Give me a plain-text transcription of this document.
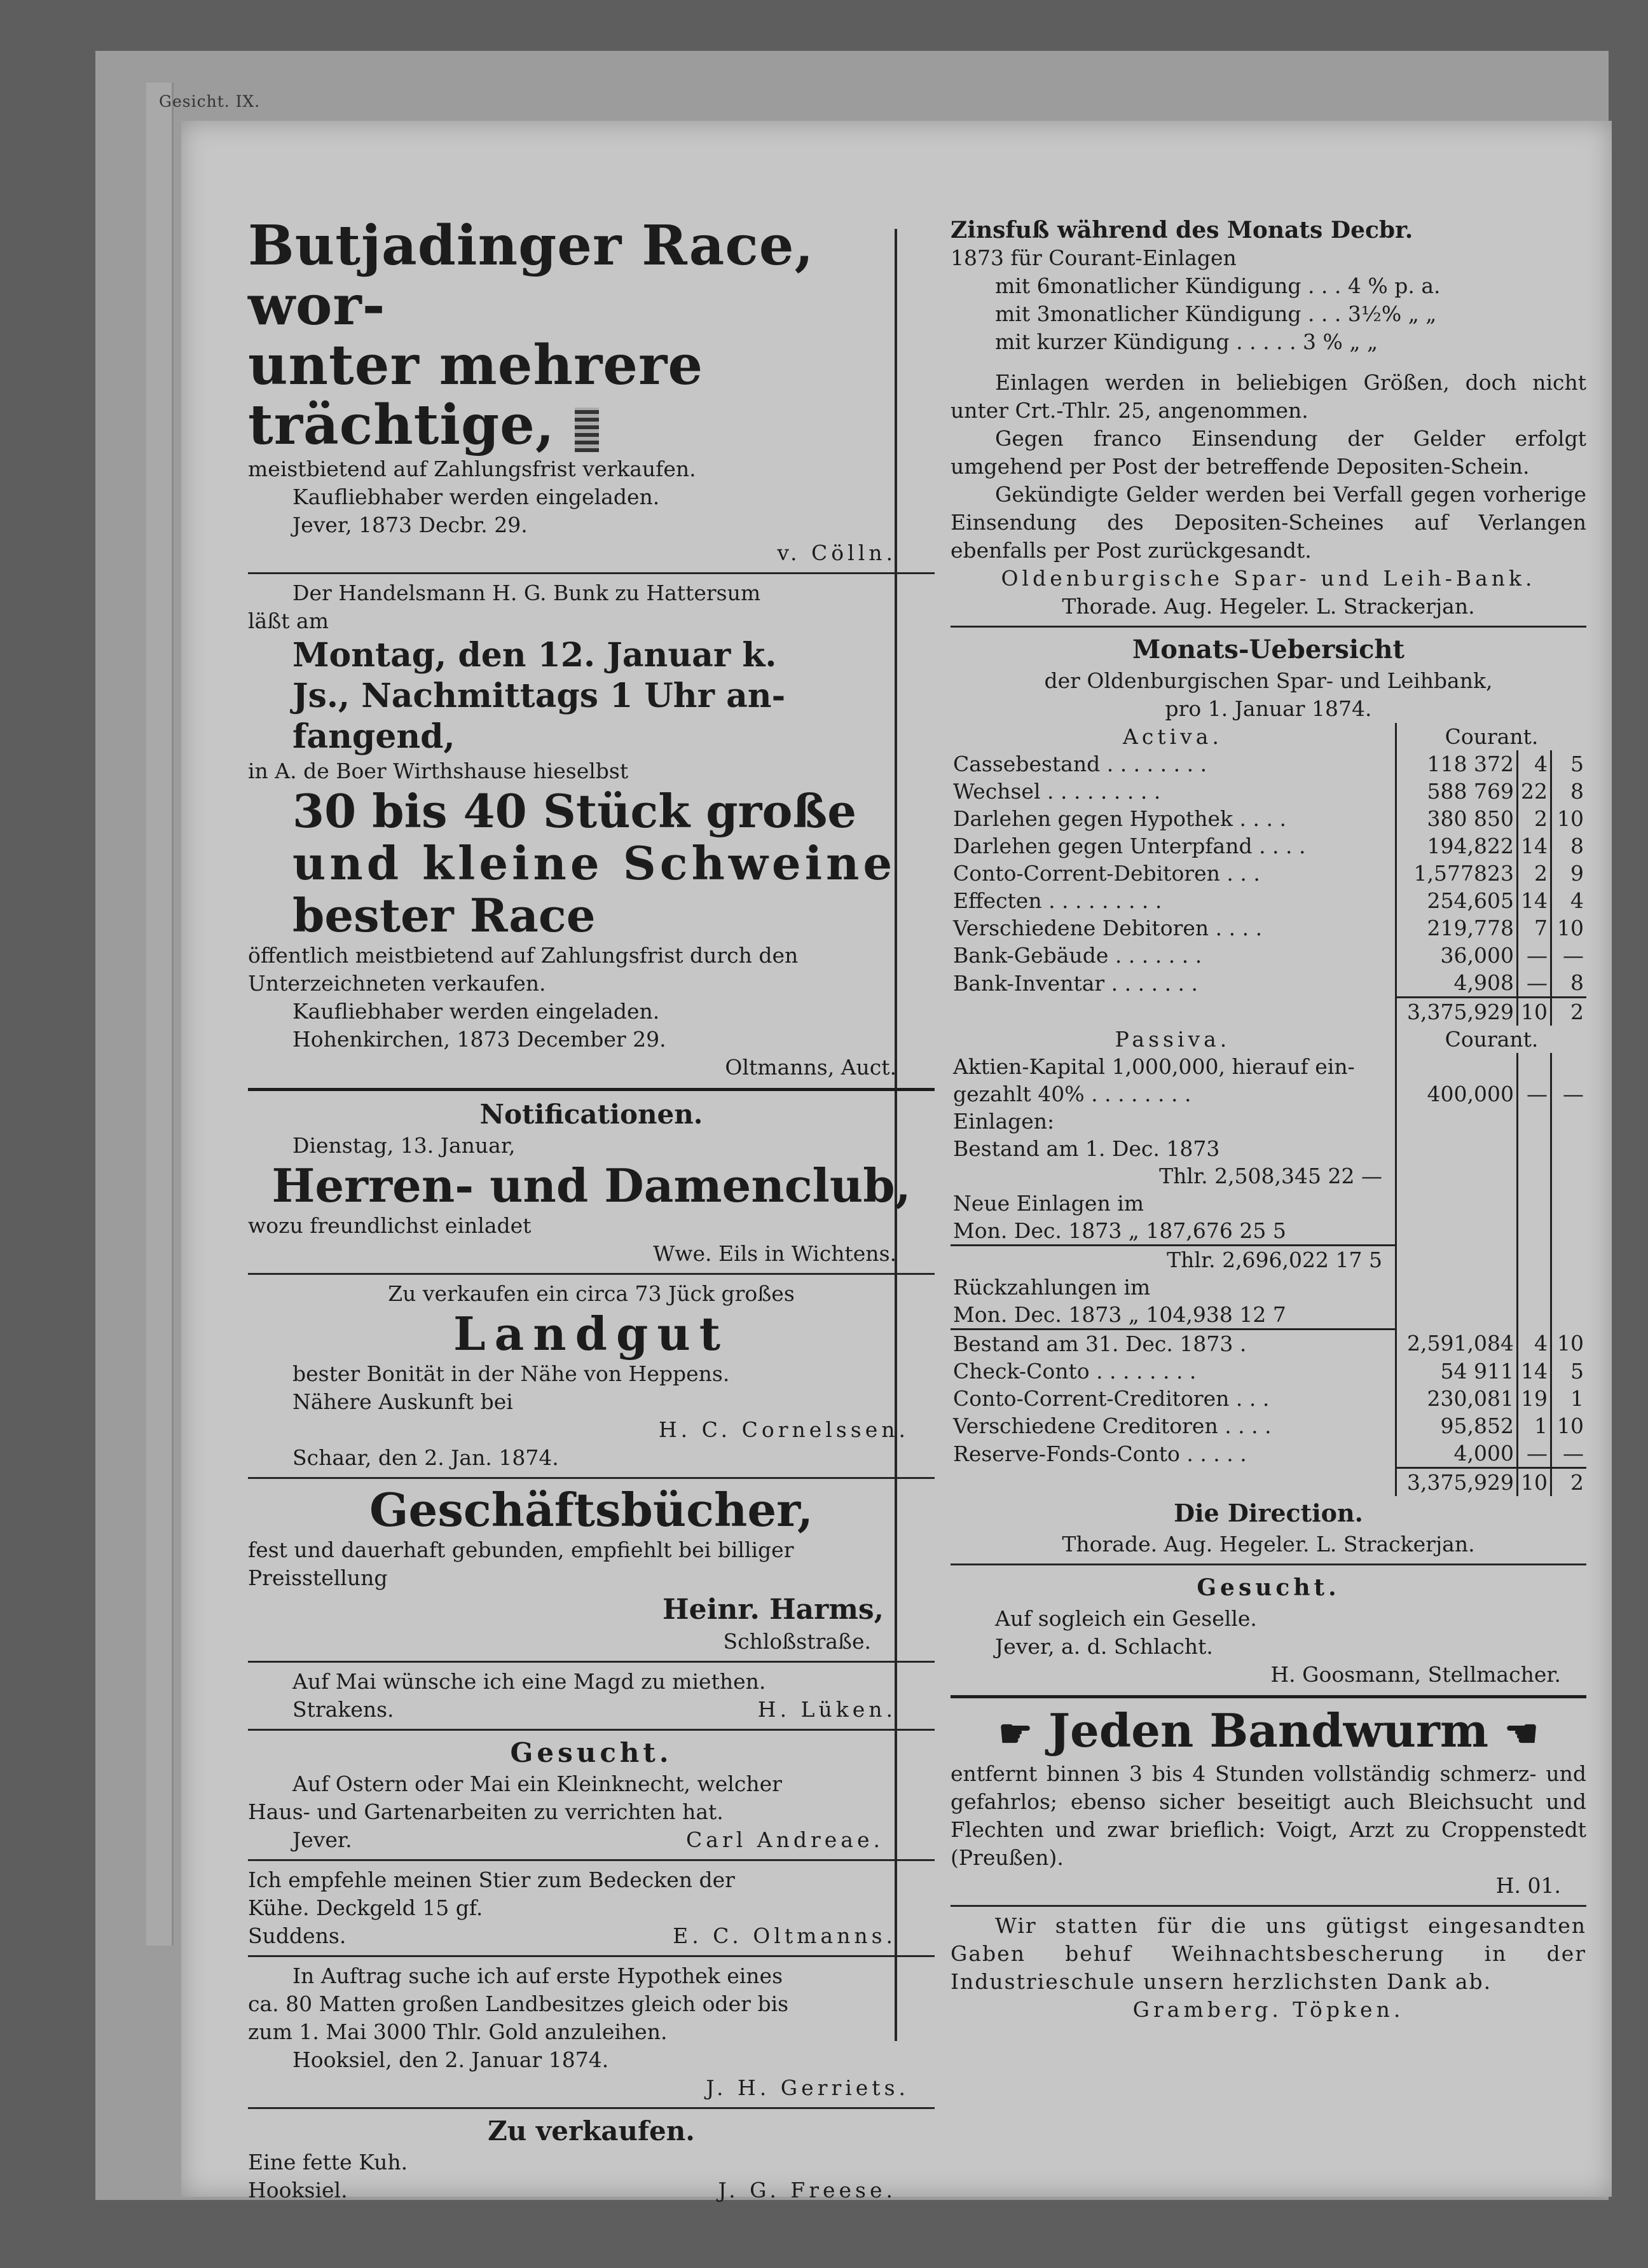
Gesicht. IX.
Butjadinger Race, wor-
unter mehrere trächtige,
meistbietend auf Zahlungsfrist verkaufen.
Kaufliebhaber werden eingeladen.
Jever, 1873 Decbr. 29.
v. Cölln.
Der Handelsmann H. G. Bunk zu Hattersum
läßt am
Montag, den 12. Januar k.
Js., Nachmittags 1 Uhr an-
fangend,
in A. de Boer Wirthshause hieselbst
30 bis 40 Stück große
und kleine Schweine
bester Race
öffentlich meistbietend auf Zahlungsfrist durch den
Unterzeichneten verkaufen.
Kaufliebhaber werden eingeladen.
Hohenkirchen, 1873 December 29.
Oltmanns, Auct.
Notificationen.
Dienstag, 13. Januar,
Herren- und Damenclub,
wozu freundlichst einladet
Wwe. Eils in Wichtens.
Zu verkaufen ein circa 73 Jück großes
Landgut
bester Bonität in der Nähe von Heppens.
Nähere Auskunft bei
H. C. Cornelssen.
Schaar, den 2. Jan. 1874.
Geschäftsbücher,
fest und dauerhaft gebunden, empfiehlt bei billiger
Preisstellung
Heinr. Harms,
Schloßstraße.
Auf Mai wünsche ich eine Magd zu miethen.
Strakens.	H. Lüken.
Gesucht.
Auf Ostern oder Mai ein Kleinknecht, welcher
Haus- und Gartenarbeiten zu verrichten hat.
Jever.	Carl Andreae.
Ich empfehle meinen Stier zum Bedecken der
Kühe. Deckgeld 15 gf.
Suddens.	E. C. Oltmanns.
In Auftrag suche ich auf erste Hypothek eines
ca. 80 Matten großen Landbesitzes gleich oder bis
zum 1. Mai 3000 Thlr. Gold anzuleihen.
Hooksiel, den 2. Januar 1874.
J. H. Gerriets.
Zu verkaufen.
Eine fette Kuh.
Hooksiel.	J. G. Freese.
Zinsfuß während des Monats Decbr.
1873 für Courant-Einlagen
mit 6monatlicher Kündigung . . . 4 % p. a.
mit 3monatlicher Kündigung . . . 3½% „ „
mit kurzer Kündigung . . . . . 3 % „ „
Einlagen werden in beliebigen Größen, doch nicht unter Crt.-Thlr. 25, angenommen.
Gegen franco Einsendung der Gelder erfolgt umgehend per Post der betreffende Depositen-Schein.
Gekündigte Gelder werden bei Verfall gegen vorherige Einsendung des Depositen-Scheines auf Verlangen ebenfalls per Post zurückgesandt.
Oldenburgische Spar- und Leih-Bank.
Thorade. Aug. Hegeler. L. Strackerjan.
Monats-Uebersicht
der Oldenburgischen Spar- und Leihbank,
pro 1. Januar 1874.
Activa.	Courant.		
Cassebestand . . . . . . . .	118 372	4	5
Wechsel . . . . . . . . .	588 769	22	8
Darlehen gegen Hypothek . . . .	380 850	2	10
Darlehen gegen Unterpfand . . . .	194,822	14	8
Conto-Corrent-Debitoren . . .	1,577823	2	9
Effecten . . . . . . . . .	254,605	14	4
Verschiedene Debitoren . . . .	219,778	7	10
Bank-Gebäude . . . . . . .	36,000	—	—
Bank-Inventar . . . . . . .	4,908	—	8
	3,375,929	10	2
Passiva.	Courant.		
Aktien-Kapital 1,000,000, hierauf ein-			
gezahlt 40% . . . . . . . .	400,000	—	—
Einlagen:			
Bestand am 1. Dec. 1873			
Thlr. 2,508,345 22 —			
Neue Einlagen im			
Mon. Dec. 1873 „ 187,676 25 5			
Thlr. 2,696,022 17 5			
Rückzahlungen im			
Mon. Dec. 1873 „ 104,938 12 7			
Bestand am 31. Dec. 1873 .	2,591,084	4	10
Check-Conto . . . . . . . .	54 911	14	5
Conto-Corrent-Creditoren . . .	230,081	19	1
Verschiedene Creditoren . . . .	95,852	1	10
Reserve-Fonds-Conto . . . . .	4,000	—	—
	3,375,929	10	2
Die Direction.
Thorade. Aug. Hegeler. L. Strackerjan.
Gesucht.
Auf sogleich ein Geselle.
Jever, a. d. Schlacht.
H. Goosmann, Stellmacher.
☛ Jeden Bandwurm ☚
entfernt binnen 3 bis 4 Stunden vollständig schmerz- und gefahrlos; ebenso sicher beseitigt auch Bleichsucht und Flechten und zwar brieflich: Voigt, Arzt zu Croppenstedt (Preußen).
H. 01.
Wir statten für die uns gütigst eingesandten Gaben behuf Weihnachtsbescherung in der Industrieschule unsern herzlichsten Dank ab.
Gramberg. Töpken.
